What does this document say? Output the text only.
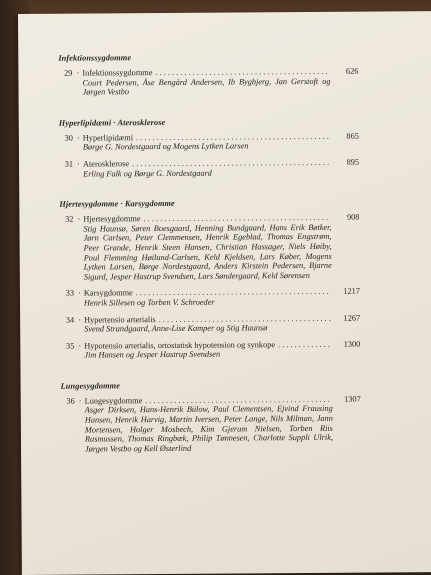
Infektionssygdomme
29 · Infektionssygdomme . . .	626
Court Pedersen, Åse Bengård Andersen, Ib Bygbjerg, Jan Gerstoft og Jørgen Vestbo
Hyperlipidæmi · Aterosklerose
30 · Hyperlipidæmi . . .	865
Børge G. Nordestgaard og Mogens Lytken Larsen
31 · Aterosklerose . . .	895
Erling Falk og Børge G. Nordestgaard
Hjertesygdomme · Karsygdomme
32 · Hjertesygdomme . . .	908
Stig Haunsø, Søren Boesgaard, Henning Bundgaard, Hans Erik Bøtker, Jørn Carlsen, Peter Clemmensen, Henrik Egeblad, Thomas Engstrøm, Peer Grande, Henrik Steen Hansen, Christian Hassager, Niels Høiby, Poul Flemming Høilund-Carlsen, Keld Kjeldsen, Lars Køber, Mogens Lytken Larsen, Børge Nordestgaard, Anders Kirstein Pedersen, Bjarne Sigurd, Jesper Hastrup Svendsen, Lars Søndergaard, Keld Sørensen
33 · Karsygdomme . . .	1217
Henrik Sillesen og Torben V. Schroeder
34 · Hypertensio arterialis . . .	1267
Svend Strandgaard, Anne-Lise Kamper og Stig Haunsø
35 · Hypotensio arterialis, ortostatisk hypotension og synkope . . .	1300
Jim Hansen og Jesper Hastrup Svendsen
Lungesygdomme
36 · Lungesygdomme . . .	1307
Asger Dirksen, Hans-Henrik Bülow, Paul Clementsen, Ejvind Frausing Hansen, Henrik Harvig, Martin Iversen, Peter Lange, Nils Milman, Jann Mortensen, Holger Mosbech, Kim Gjerum Nielsen, Torben Riis Rasmussen, Thomas Ringbæk, Philip Tønnesen, Charlotte Suppli Ulrik, Jørgen Vestbo og Kell Østerlind
